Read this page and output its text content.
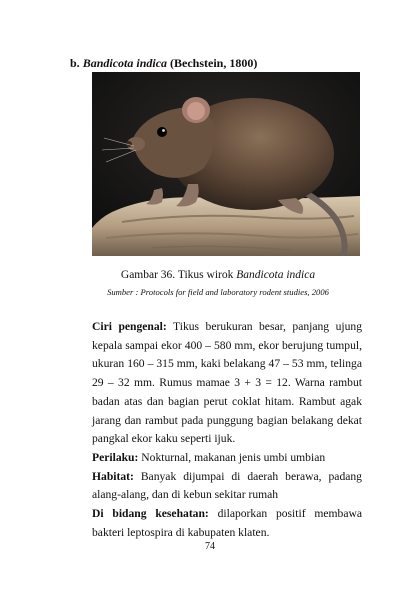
b. Bandicota indica (Bechstein, 1800)
Gambar 36. Tikus wirok Bandicota indica
Sumber : Protocols for field and laboratory rodent studies, 2006

Ciri pengenal: Tikus berukuran besar, panjang ujung kepala sampai ekor 400 – 580 mm, ekor berujung tumpul, ukuran 160 – 315 mm, kaki belakang 47 – 53 mm, telinga 29 – 32 mm. Rumus mamae 3 + 3 = 12. Warna rambut badan atas dan bagian perut coklat hitam. Rambut agak jarang dan rambut pada punggung bagian belakang dekat pangkal ekor kaku seperti ijuk.

Perilaku: Nokturnal, makanan jenis umbi umbian

Habitat: Banyak dijumpai di daerah berawa, padang alang-alang, dan di kebun sekitar rumah

Di bidang kesehatan: dilaporkan positif membawa bakteri leptospira di kabupaten klaten.

74
